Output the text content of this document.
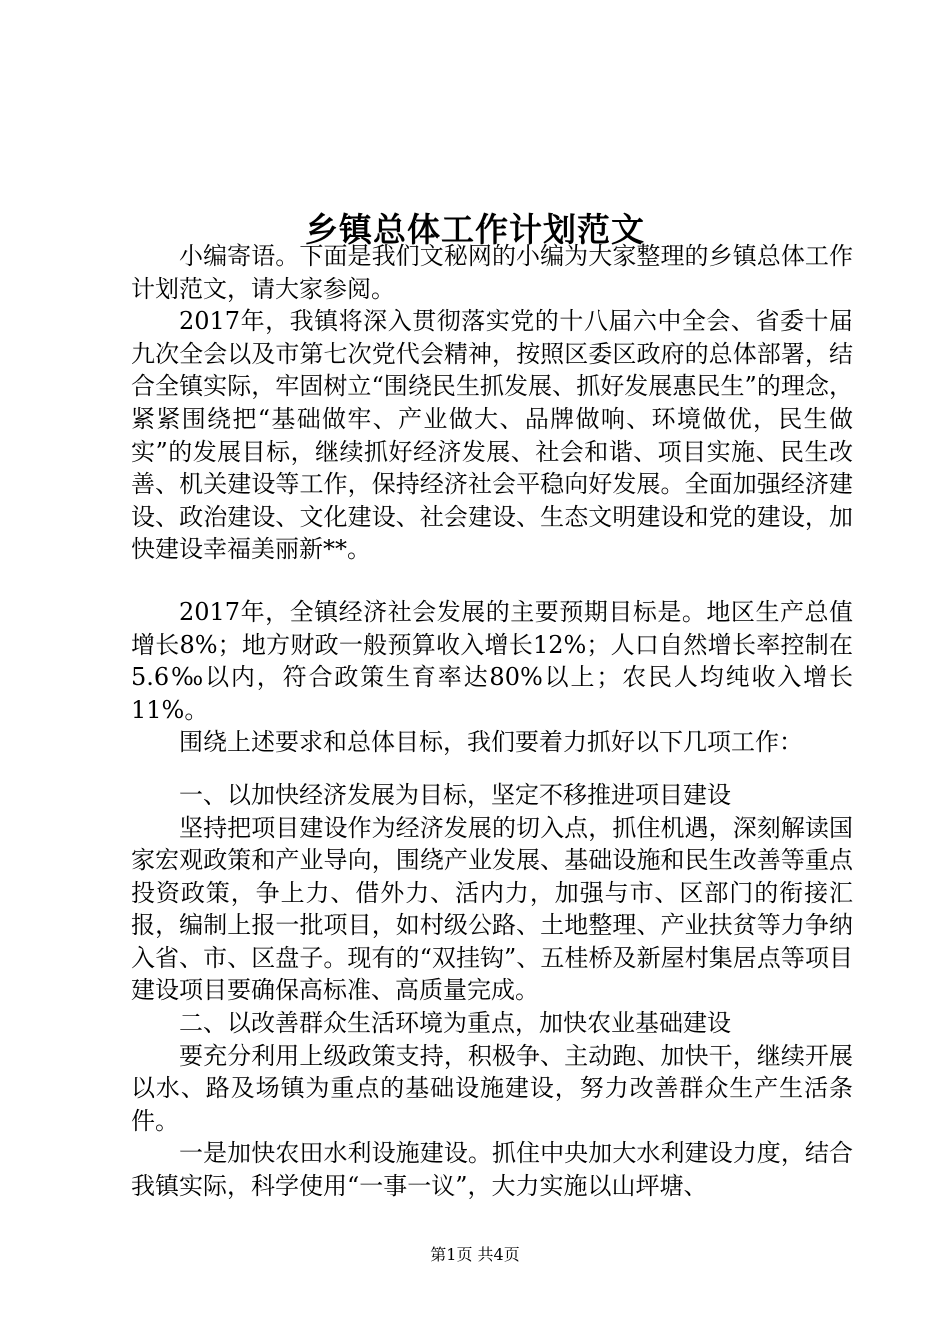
乡镇总体工作计划范文

小编寄语。下面是我们文秘网的小编为大家整理的乡镇总体工作计划范文，请大家参阅。

2017年，我镇将深入贯彻落实党的十八届六中全会、省委十届九次全会以及市第七次党代会精神，按照区委区政府的总体部署，结合全镇实际，牢固树立“围绕民生抓发展、抓好发展惠民生”的理念，紧紧围绕把“基础做牢、产业做大、品牌做响、环境做优，民生做实”的发展目标，继续抓好经济发展、社会和谐、项目实施、民生改善、机关建设等工作，保持经济社会平稳向好发展。全面加强经济建设、政治建设、文化建设、社会建设、生态文明建设和党的建设，加快建设幸福美丽新**。

2017年，全镇经济社会发展的主要预期目标是。地区生产总值增长8%；地方财政一般预算收入增长12%；人口自然增长率控制在5.6‰以内，符合政策生育率达80%以上；农民人均纯收入增长11%。

围绕上述要求和总体目标，我们要着力抓好以下几项工作：

一、以加快经济发展为目标，坚定不移推进项目建设

坚持把项目建设作为经济发展的切入点，抓住机遇，深刻解读国家宏观政策和产业导向，围绕产业发展、基础设施和民生改善等重点投资政策，争上力、借外力、活内力，加强与市、区部门的衔接汇报，编制上报一批项目，如村级公路、土地整理、产业扶贫等力争纳入省、市、区盘子。现有的“双挂钩”、五桂桥及新屋村集居点等项目建设项目要确保高标准、高质量完成。

二、以改善群众生活环境为重点，加快农业基础建设

要充分利用上级政策支持，积极争、主动跑、加快干，继续开展以水、路及场镇为重点的基础设施建设，努力改善群众生产生活条件。

一是加快农田水利设施建设。抓住中央加大水利建设力度，结合我镇实际，科学使用“一事一议”，大力实施以山坪塘、

第1页 共4页
